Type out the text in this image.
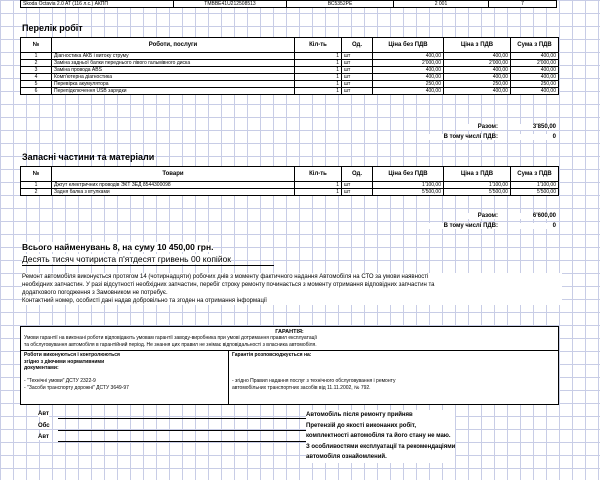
Skoda Octavia 2.0 AT (116 л.с.) АКПП	TMBBE41U212508513	ВС5352РЕ	2 001	7
Перелік робіт
№	Роботи, послуги	Кіл-ть	Од.	Ціна без ПДВ	Ціна з ПДВ	Сума з ПДВ
1	Діагностика АКБ і витоку струму	1	шт	400,00	400,00	400,00
2	Заміна задньої балки переднього лівого гальмівного диска	1	шт	2'000,00	2'000,00	2'000,00
3	Заміна провода ABS	1	шт	400,00	400,00	400,00
4	Комп'ютерна діагностика	1	шт	400,00	400,00	400,00
5	Перевірка акумулятора	1	шт	250,00	250,00	250,00
6	Перепідключення USB зарядки	1	шт	400,00	400,00	400,00
Разом:	3'850,00
В тому числі ПДВ:	0
Запасні частини та матеріали
№	Товари	Кіл-ть	Од.	Ціна без ПДВ	Ціна з ПДВ	Сума з ПДВ
1	Джгут електричних проводів ЭКТ ЗЕД 8544300098	1	шт	1'100,00	1'100,00	1'100,00
2	Задня балка з втулками	1	шт	5'500,00	5'500,00	5'500,00
Разом:	6'600,00
В тому числі ПДВ:	0
Всього найменувань 8, на суму 10 450,00 грн.
Десять тисяч чотириста п'ятдесят гривень 00 копійок
Ремонт автомобіля виконується протягом 14 (чотирнадцяти) робочих днів з моменту фактичного надання Автомобіля на СТО за умови наявності
необхідних запчастин. У разі відсутності необхідних запчастин, перебіг строку ремонту починається з моменту отримання відповідних запчастин та
додаткового погодження з Замовником не потребує.
Контактний номер, особисті дані надав добровільно та згоден на отримання інформації
ГАРАНТІЯ:
Умови гарантії на виконані роботи відповідають умовам гарантії заводу-виробника при умові дотримання правил експлуатації
та обслуговування автомобіля в гарантійний період. Не знання цих правил не знімає відповідальності з власника автомобіля.
Роботи виконуються і контролюються
згідно з діючими нормативними
документами:
- "Технічні умови" ДСТУ 2322-9
- "Засоби транспорту дорожні" ДСТУ 3649-97
Гарантія розповсюджується на:
- згідно Правил надання послуг з технічного обслуговування і ремонту
автомобільних транспортних засобів від 11.11.2002, № 792.
Авт
Обс
Авт
Автомобіль після ремонту прийняв
Претензій до якості виконаних робіт,
комплектності автомобіля та його стану не маю.
З особливостями експлуатації та рекомендаціями
автомобіля ознайомлений.
